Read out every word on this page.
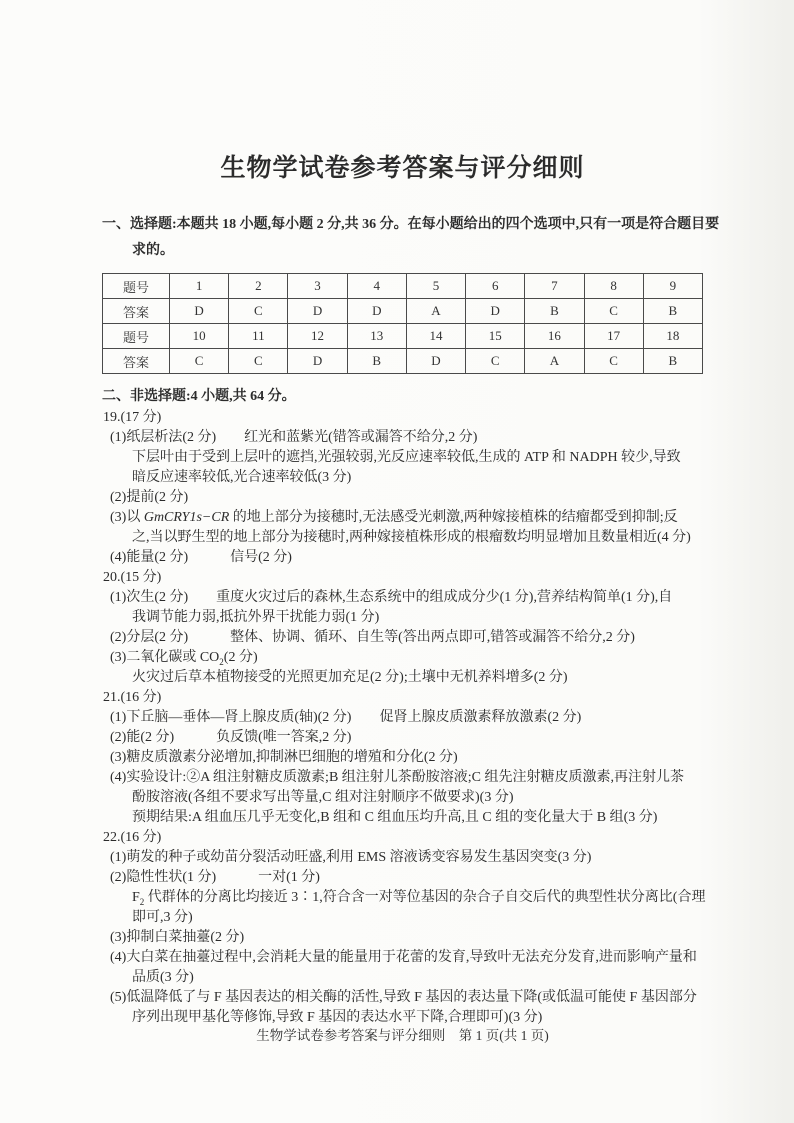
生物学试卷参考答案与评分细则

一、选择题:本题共 18 小题,每小题 2 分,共 36 分。在每小题给出的四个选项中,只有一项是符合题目要

求的。

题号	1	2	3	4	5	6	7	8	9
答案	D	C	D	D	A	D	B	C	B
题号	10	11	12	13	14	15	16	17	18
答案	C	C	D	B	D	C	A	C	B

二、非选择题:4 小题,共 64 分。

19.(17 分)

(1)纸层析法(2 分)　　红光和蓝紫光(错答或漏答不给分,2 分)

下层叶由于受到上层叶的遮挡,光强较弱,光反应速率较低,生成的 ATP 和 NADPH 较少,导致

暗反应速率较低,光合速率较低(3 分)

(2)提前(2 分)

(3)以 GmCRY1s−CR 的地上部分为接穗时,无法感受光刺激,两种嫁接植株的结瘤都受到抑制;反

之,当以野生型的地上部分为接穗时,两种嫁接植株形成的根瘤数均明显增加且数量相近(4 分)

(4)能量(2 分)　　　信号(2 分)

20.(15 分)

(1)次生(2 分)　　重度火灾过后的森林,生态系统中的组成成分少(1 分),营养结构简单(1 分),自

我调节能力弱,抵抗外界干扰能力弱(1 分)

(2)分层(2 分)　　　整体、协调、循环、自生等(答出两点即可,错答或漏答不给分,2 分)

(3)二氧化碳或 $CO_2(2$ 分)

火灾过后草本植物接受的光照更加充足(2 分);土壤中无机养料增多(2 分)

21.(16 分)

(1)下丘脑—垂体—肾上腺皮质(轴)(2 分)　　促肾上腺皮质激素释放激素(2 分)

(2)能(2 分)　　　负反馈(唯一答案,2 分)

(3)糖皮质激素分泌增加,抑制淋巴细胞的增殖和分化(2 分)

(4)实验设计:②A 组注射糖皮质激素;B 组注射儿茶酚胺溶液;C 组先注射糖皮质激素,再注射儿茶

酚胺溶液(各组不要求写出等量,C 组对注射顺序不做要求)(3 分)

预期结果:A 组血压几乎无变化,B 组和 C 组血压均升高,且 C 组的变化量大于 B 组(3 分)

22.(16 分)

(1)萌发的种子或幼苗分裂活动旺盛,利用 EMS 溶液诱变容易发生基因突变(3 分)

(2)隐性性状(1 分)　　　一对(1 分)

$F_2$ 代群体的分离比均接近 3∶1,符合含一对等位基因的杂合子自交后代的典型性状分离比(合理

即可,3 分)

(3)抑制白菜抽薹(2 分)

(4)大白菜在抽薹过程中,会消耗大量的能量用于花蕾的发育,导致叶无法充分发育,进而影响产量和

品质(3 分)

(5)低温降低了与 F 基因表达的相关酶的活性,导致 F 基因的表达量下降(或低温可能使 F 基因部分

序列出现甲基化等修饰,导致 F 基因的表达水平下降,合理即可)(3 分)

生物学试卷参考答案与评分细则　第 1 页(共 1 页)
